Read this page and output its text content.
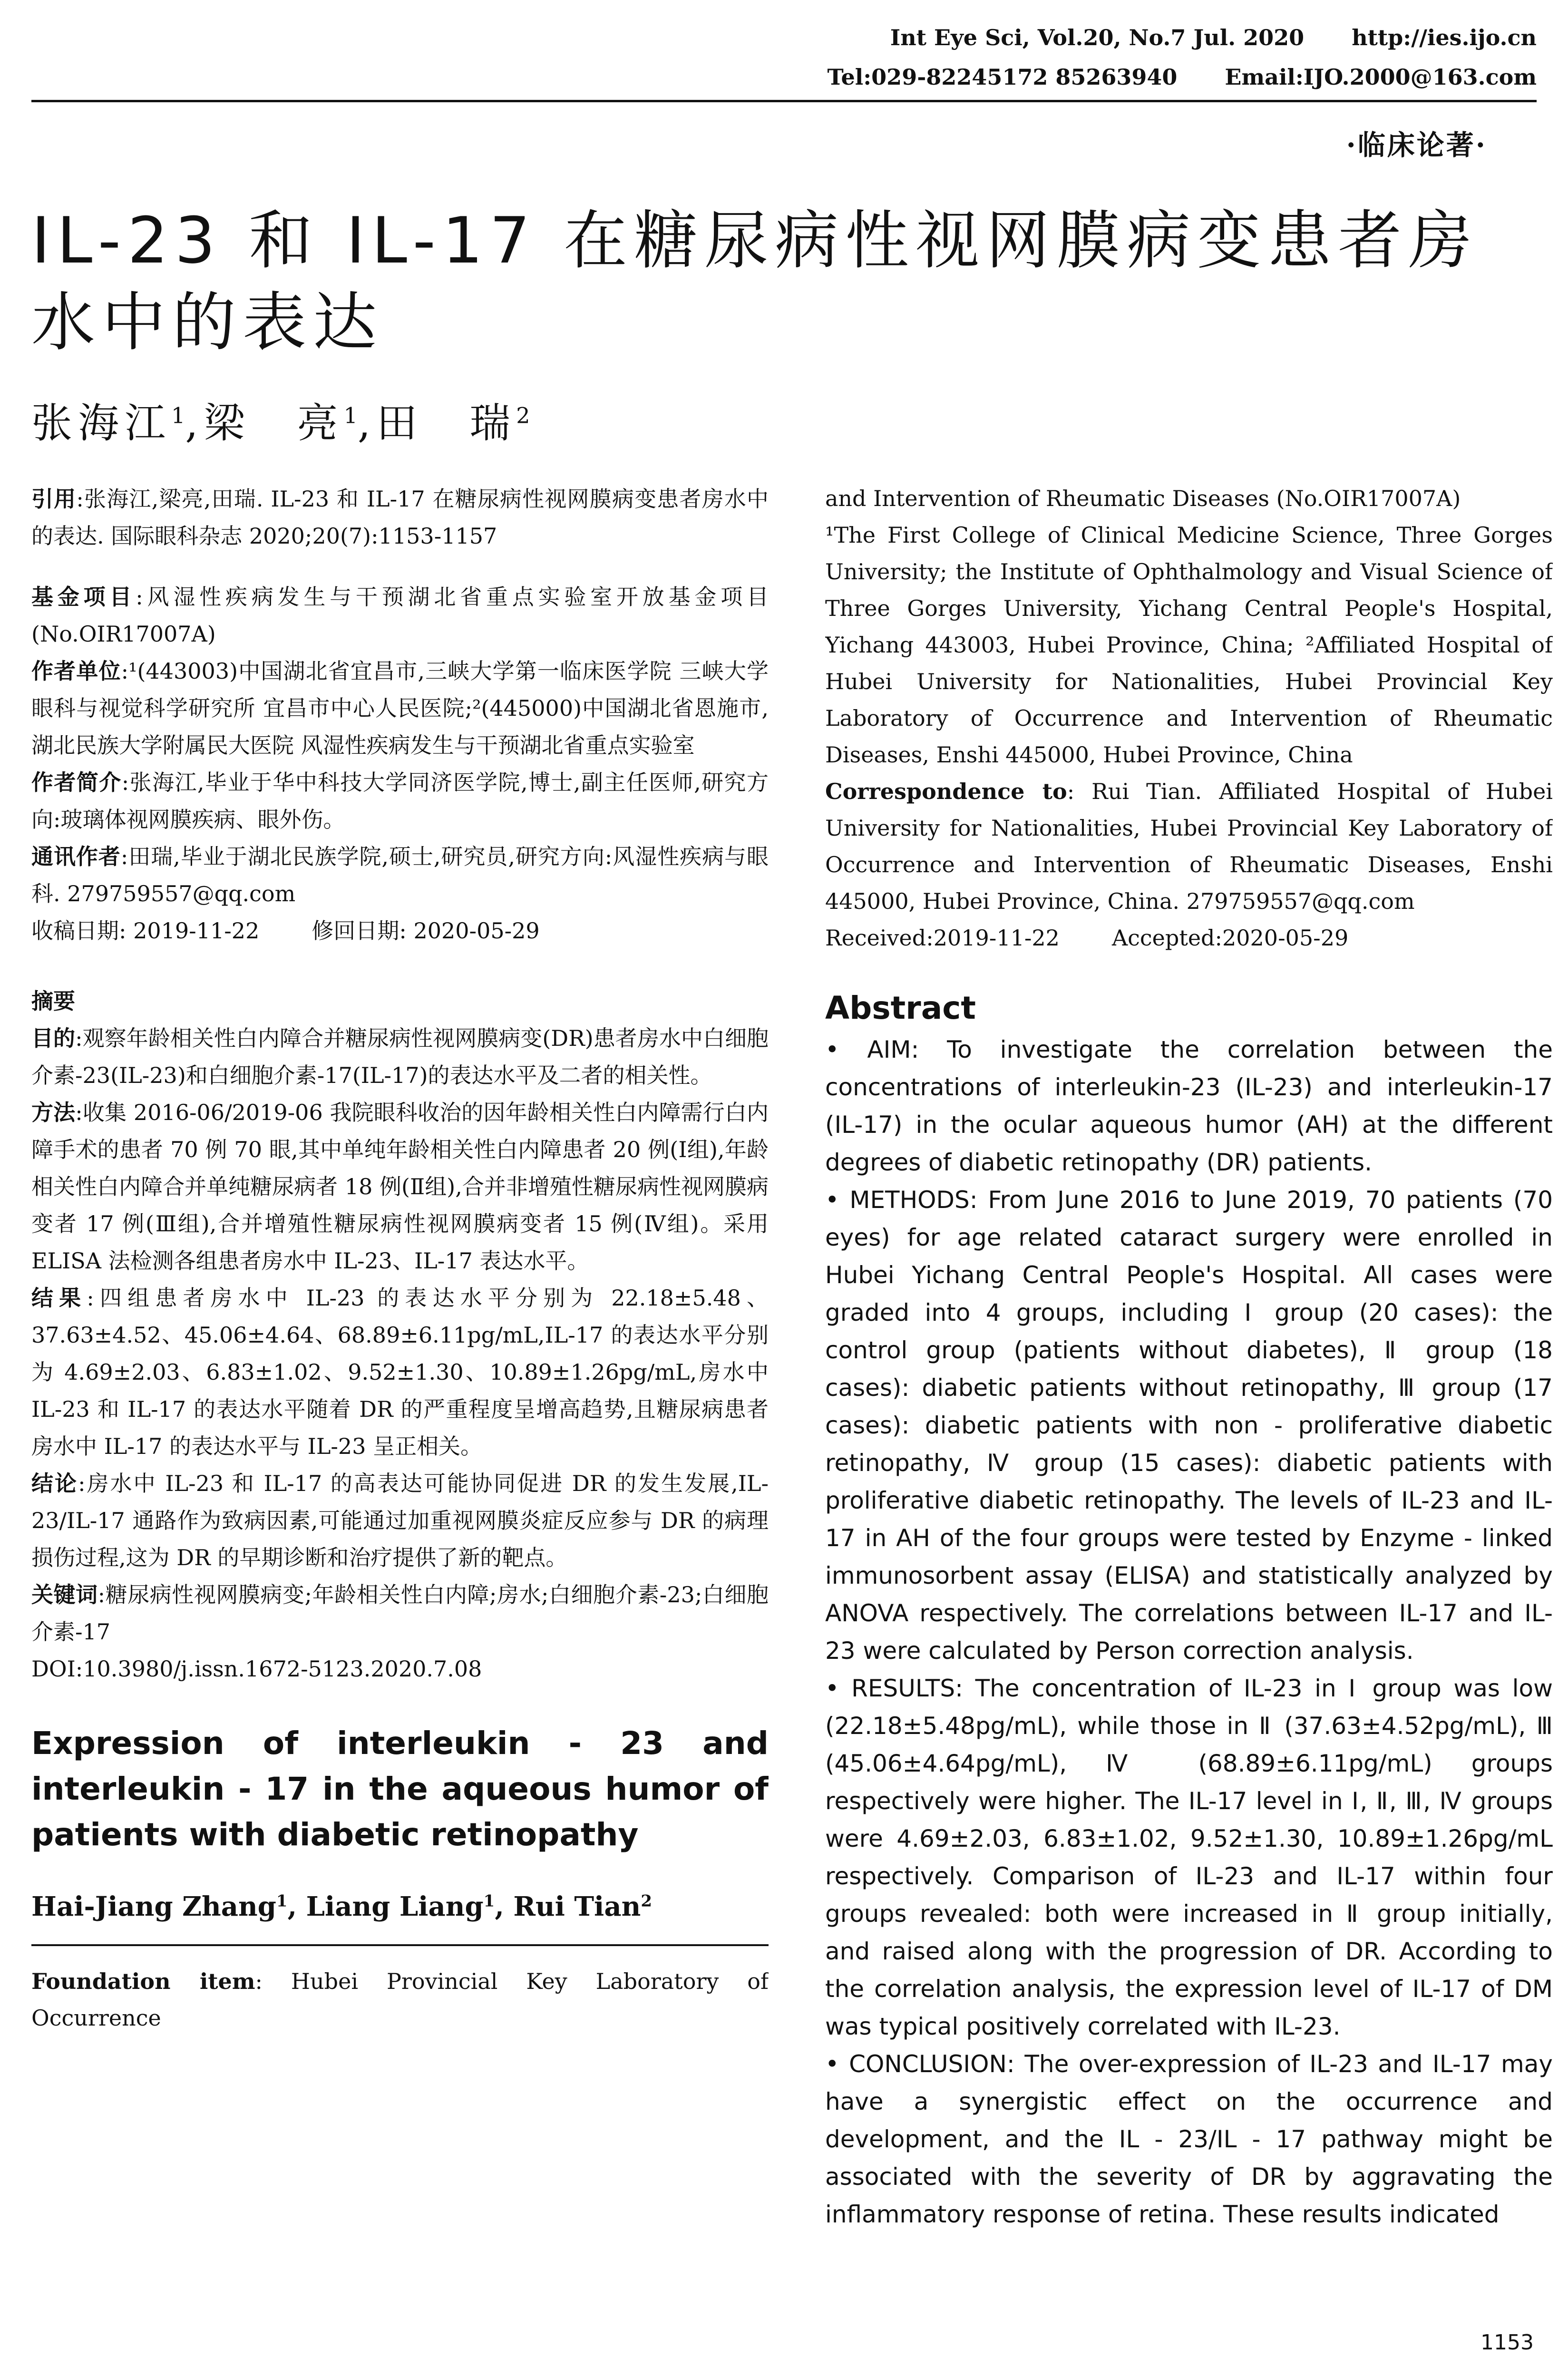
Int Eye Sci, Vol.20, No.7 Jul. 2020 http://ies.ijo.cn
Tel:029-82245172 85263940 Email:IJO.2000@163.com
·临床论著·
IL-23 和 IL-17 在糖尿病性视网膜病变患者房水中的表达
张海江$^1$,梁　亮$^1$,田　瑞$^2$

引用:张海江,梁亮,田瑞. IL-23 和 IL-17 在糖尿病性视网膜病变患者房水中的表达. 国际眼科杂志 2020;20(7):1153-1157

基金项目:风湿性疾病发生与干预湖北省重点实验室开放基金项目(No.OIR17007A)

作者单位:¹(443003)中国湖北省宜昌市,三峡大学第一临床医学院 三峡大学眼科与视觉科学研究所 宜昌市中心人民医院;²(445000)中国湖北省恩施市,湖北民族大学附属民大医院 风湿性疾病发生与干预湖北省重点实验室

作者简介:张海江,毕业于华中科技大学同济医学院,博士,副主任医师,研究方向:玻璃体视网膜疾病、眼外伤。

通讯作者:田瑞,毕业于湖北民族学院,硕士,研究员,研究方向:风湿性疾病与眼科. 279759557@qq.com

收稿日期: 2019-11-22 修回日期: 2020-05-29

摘要

目的:观察年龄相关性白内障合并糖尿病性视网膜病变(DR)患者房水中白细胞介素-23(IL-23)和白细胞介素-17(IL-17)的表达水平及二者的相关性。

方法:收集 2016-06/2019-06 我院眼科收治的因年龄相关性白内障需行白内障手术的患者 70 例 70 眼,其中单纯年龄相关性白内障患者 20 例(Ⅰ组),年龄相关性白内障合并单纯糖尿病者 18 例(Ⅱ组),合并非增殖性糖尿病性视网膜病变者 17 例(Ⅲ组),合并增殖性糖尿病性视网膜病变者 15 例(Ⅳ组)。采用 ELISA 法检测各组患者房水中 IL-23、IL-17 表达水平。

结果:四组患者房水中 IL-23 的表达水平分别为 22.18±5.48、37.63±4.52、45.06±4.64、68.89±6.11pg/mL,IL-17 的表达水平分别为 4.69±2.03、6.83±1.02、9.52±1.30、10.89±1.26pg/mL,房水中 IL-23 和 IL-17 的表达水平随着 DR 的严重程度呈增高趋势,且糖尿病患者房水中 IL-17 的表达水平与 IL-23 呈正相关。

结论:房水中 IL-23 和 IL-17 的高表达可能协同促进 DR 的发生发展,IL-23/IL-17 通路作为致病因素,可能通过加重视网膜炎症反应参与 DR 的病理损伤过程,这为 DR 的早期诊断和治疗提供了新的靶点。

关键词:糖尿病性视网膜病变;年龄相关性白内障;房水;白细胞介素-23;白细胞介素-17

DOI:10.3980/j.issn.1672-5123.2020.7.08

Expression of interleukin - 23 and interleukin - 17 in the aqueous humor of patients with diabetic retinopathy

Hai-Jiang Zhang$^1$, Liang Liang$^1$, Rui Tian$^2$

Foundation item: Hubei Provincial Key Laboratory of Occurrence

and Intervention of Rheumatic Diseases (No.OIR17007A)

¹The First College of Clinical Medicine Science, Three Gorges University; the Institute of Ophthalmology and Visual Science of Three Gorges University, Yichang Central People's Hospital, Yichang 443003, Hubei Province, China; ²Affiliated Hospital of Hubei University for Nationalities, Hubei Provincial Key Laboratory of Occurrence and Intervention of Rheumatic Diseases, Enshi 445000, Hubei Province, China

Correspondence to: Rui Tian. Affiliated Hospital of Hubei University for Nationalities, Hubei Provincial Key Laboratory of Occurrence and Intervention of Rheumatic Diseases, Enshi 445000, Hubei Province, China. 279759557@qq.com

Received:2019-11-22 Accepted:2020-05-29

Abstract

• AIM: To investigate the correlation between the concentrations of interleukin-23 (IL-23) and interleukin-17 (IL-17) in the ocular aqueous humor (AH) at the different degrees of diabetic retinopathy (DR) patients.

• METHODS: From June 2016 to June 2019, 70 patients (70 eyes) for age related cataract surgery were enrolled in Hubei Yichang Central People's Hospital. All cases were graded into 4 groups, including Ⅰ group (20 cases): the control group (patients without diabetes), Ⅱ group (18 cases): diabetic patients without retinopathy, Ⅲ group (17 cases): diabetic patients with non - proliferative diabetic retinopathy, Ⅳ group (15 cases): diabetic patients with proliferative diabetic retinopathy. The levels of IL-23 and IL-17 in AH of the four groups were tested by Enzyme - linked immunosorbent assay (ELISA) and statistically analyzed by ANOVA respectively. The correlations between IL-17 and IL-23 were calculated by Person correction analysis.

• RESULTS: The concentration of IL-23 in Ⅰ group was low (22.18±5.48pg/mL), while those in Ⅱ (37.63±4.52pg/mL), Ⅲ (45.06±4.64pg/mL), Ⅳ (68.89±6.11pg/mL) groups respectively were higher. The IL-17 level in Ⅰ, Ⅱ, Ⅲ, Ⅳ groups were 4.69±2.03, 6.83±1.02, 9.52±1.30, 10.89±1.26pg/mL respectively. Comparison of IL-23 and IL-17 within four groups revealed: both were increased in Ⅱ group initially, and raised along with the progression of DR. According to the correlation analysis, the expression level of IL-17 of DM was typical positively correlated with IL-23.

• CONCLUSION: The over-expression of IL-23 and IL-17 may have a synergistic effect on the occurrence and development, and the IL - 23/IL - 17 pathway might be associated with the severity of DR by aggravating the inflammatory response of retina. These results indicated

1153
